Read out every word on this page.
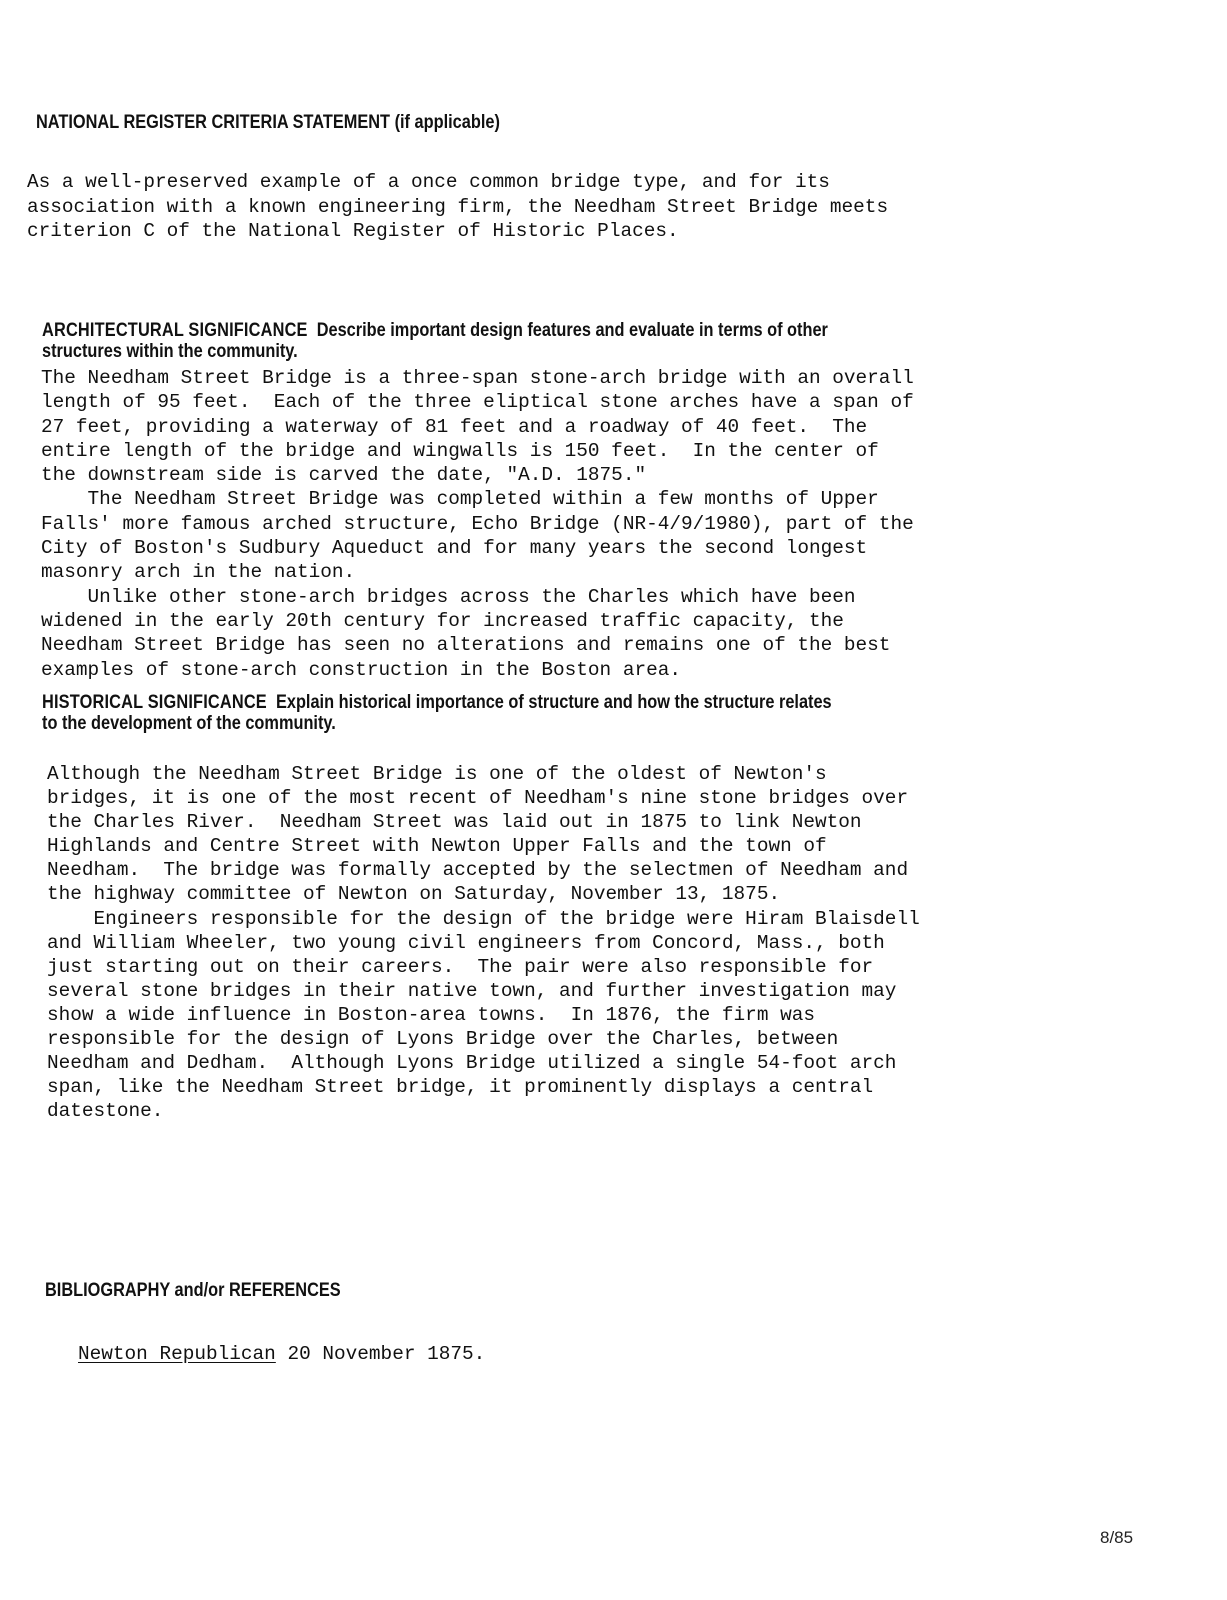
NATIONAL REGISTER CRITERIA STATEMENT (if applicable)

As a well-preserved example of a once common bridge type, and for its

association with a known engineering firm, the Needham Street Bridge meets

criterion C of the National Register of Historic Places.

ARCHITECTURAL SIGNIFICANCE Describe important design features and evaluate in terms of other
structures within the community.

The Needham Street Bridge is a three-span stone-arch bridge with an overall

length of 95 feet.  Each of the three eliptical stone arches have a span of

27 feet, providing a waterway of 81 feet and a roadway of 40 feet.  The

entire length of the bridge and wingwalls is 150 feet.  In the center of

the downstream side is carved the date, "A.D. 1875."

The Needham Street Bridge was completed within a few months of Upper

Falls' more famous arched structure, Echo Bridge (NR-4/9/1980), part of the

City of Boston's Sudbury Aqueduct and for many years the second longest

masonry arch in the nation.

Unlike other stone-arch bridges across the Charles which have been

widened in the early 20th century for increased traffic capacity, the

Needham Street Bridge has seen no alterations and remains one of the best

examples of stone-arch construction in the Boston area.

HISTORICAL SIGNIFICANCE Explain historical importance of structure and how the structure relates
to the development of the community.

Although the Needham Street Bridge is one of the oldest of Newton's

bridges, it is one of the most recent of Needham's nine stone bridges over

the Charles River.  Needham Street was laid out in 1875 to link Newton

Highlands and Centre Street with Newton Upper Falls and the town of

Needham.  The bridge was formally accepted by the selectmen of Needham and

the highway committee of Newton on Saturday, November 13, 1875.

Engineers responsible for the design of the bridge were Hiram Blaisdell

and William Wheeler, two young civil engineers from Concord, Mass., both

just starting out on their careers.  The pair were also responsible for

several stone bridges in their native town, and further investigation may

show a wide influence in Boston-area towns.  In 1876, the firm was

responsible for the design of Lyons Bridge over the Charles, between

Needham and Dedham.  Although Lyons Bridge utilized a single 54-foot arch

span, like the Needham Street bridge, it prominently displays a central

datestone.

BIBLIOGRAPHY and/or REFERENCES
Newton Republican 20 November 1875.
8/85
